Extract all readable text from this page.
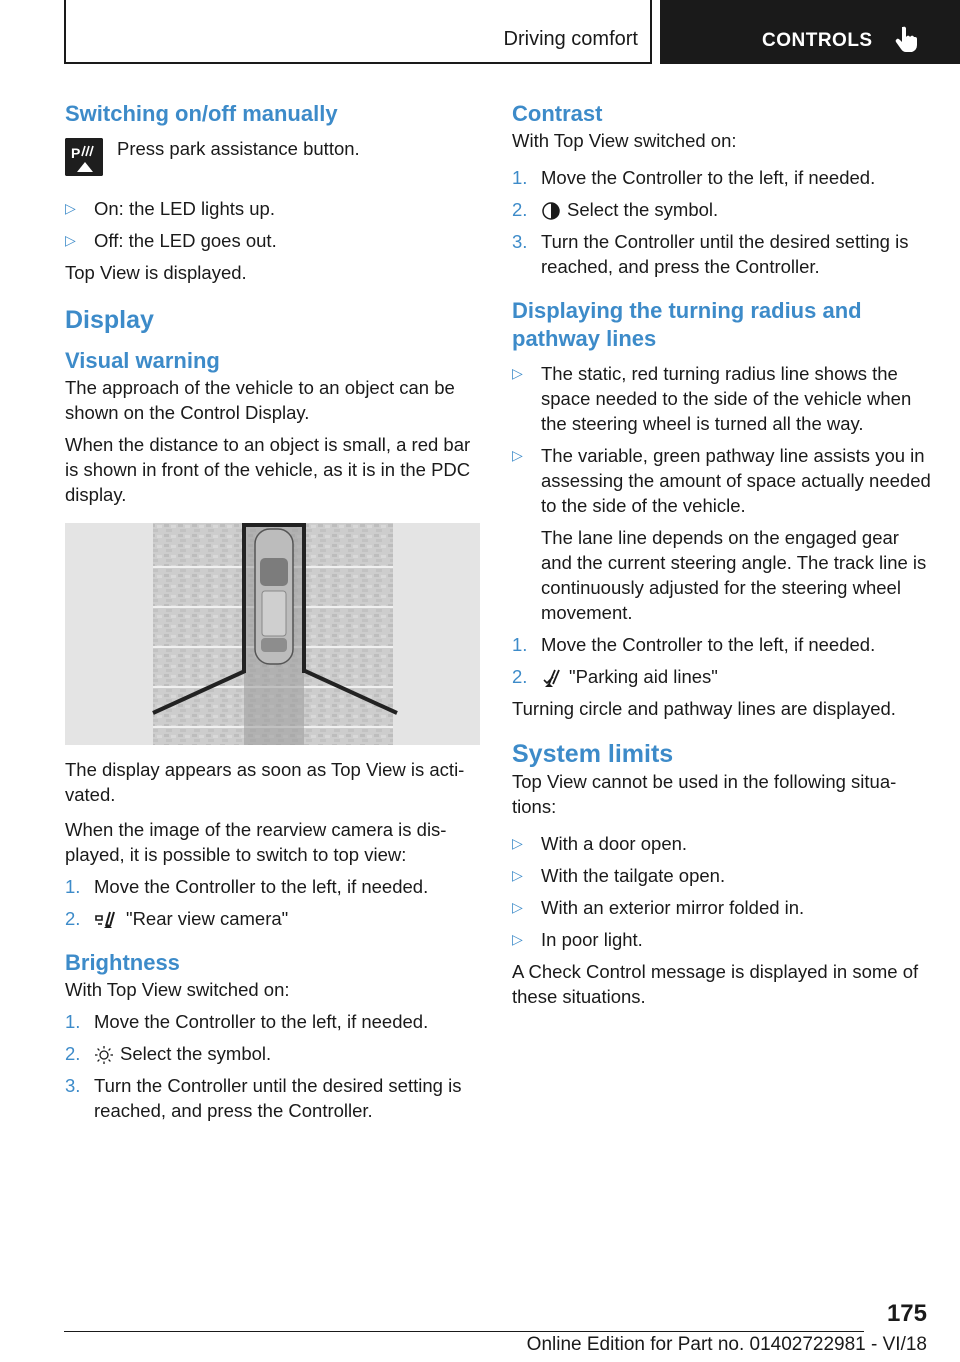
Driving comfort	CONTROLS
Switching on/off manually
P	Press park assistance button.
▷ On: the LED lights up.
▷ Off: the LED goes out.

Top View is displayed.

Display
Visual warning

The approach of the vehicle to an object can be shown on the Control Display.

When the distance to an object is small, a red bar is shown in front of the vehicle, as it is in the PDC display.

The display appears as soon as Top View is acti‐vated.

When the image of the rearview camera is dis‐played, it is possible to switch to top view:

1. Move the Controller to the left, if needed.
2. "Rear view camera"
Brightness

With Top View switched on:

1. Move the Controller to the left, if needed.
2. Select the symbol.
3. Turn the Controller until the desired setting is reached, and press the Controller.
Contrast

With Top View switched on:

1. Move the Controller to the left, if needed.
2. Select the symbol.
3. Turn the Controller until the desired setting is reached, and press the Controller.
Displaying the turning radius and pathway lines
▷ The static, red turning radius line shows the space needed to the side of the vehicle when the steering wheel is turned all the way.
▷ The variable, green pathway line assists you in assessing the amount of space actually needed to the side of the vehicle.

The lane line depends on the engaged gear and the current steering angle. The track line is continuously adjusted for the steering wheel movement.

1. Move the Controller to the left, if needed.
2. "Parking aid lines"

Turning circle and pathway lines are displayed.

System limits

Top View cannot be used in the following situa‐tions:

▷ With a door open.
▷ With the tailgate open.
▷ With an exterior mirror folded in.
▷ In poor light.

A Check Control message is displayed in some of these situations.

175
Online Edition for Part no. 01402722981 - VI/18
